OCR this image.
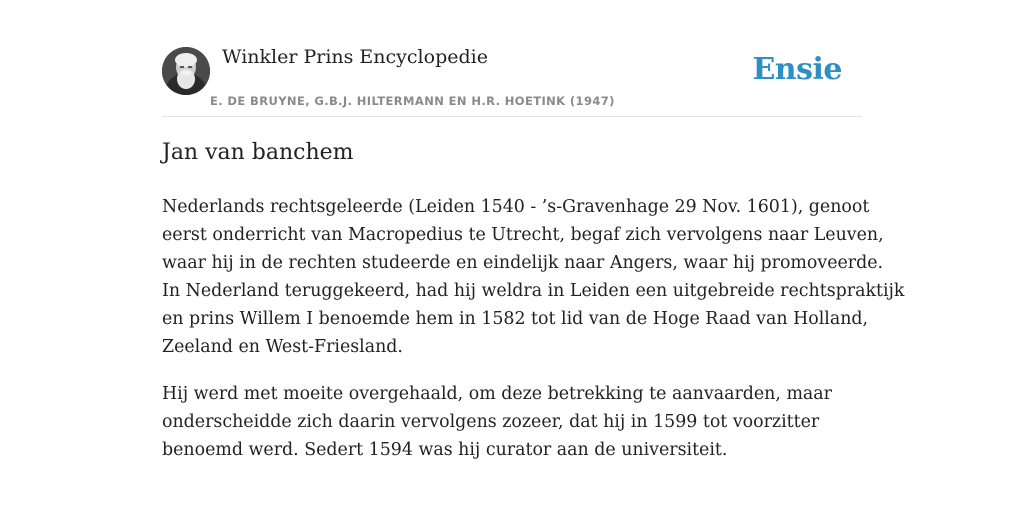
Winkler Prins Encyclopedie
E. DE BRUYNE, G.B.J. HILTERMANN EN H.R. HOETINK (1947)
Ensie
Jan van banchem

Nederlands rechtsgeleerde (Leiden 1540 - ’s-Gravenhage 29 Nov. 1601), genoot
eerst onderricht van Macropedius te Utrecht, begaf zich vervolgens naar Leuven,
waar hij in de rechten studeerde en eindelijk naar Angers, waar hij promoveerde.
In Nederland teruggekeerd, had hij weldra in Leiden een uitgebreide rechtspraktijk
en prins Willem I benoemde hem in 1582 tot lid van de Hoge Raad van Holland,
Zeeland en West-Friesland.

Hij werd met moeite overgehaald, om deze betrekking te aanvaarden, maar
onderscheidde zich daarin vervolgens zozeer, dat hij in 1599 tot voorzitter
benoemd werd. Sedert 1594 was hij curator aan de universiteit.
